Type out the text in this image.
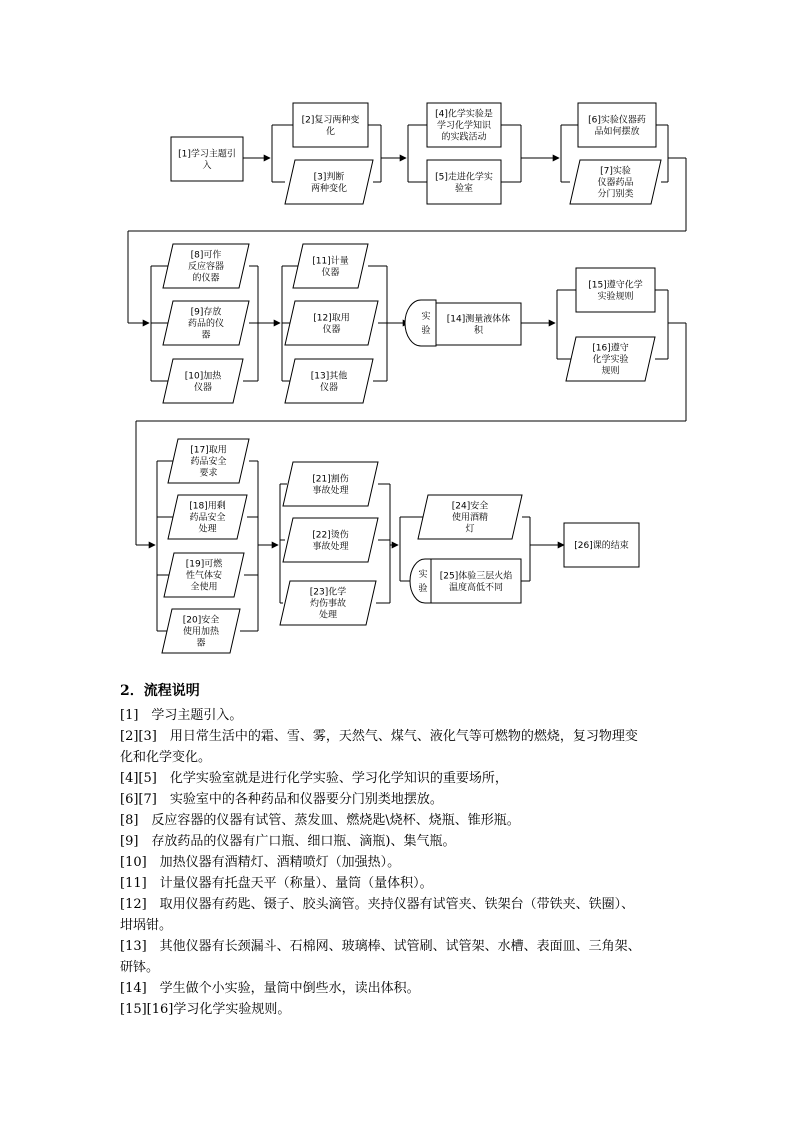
实
验
实
验
[1]学习主题引
入
[2]复习两种变
化
[3]判断
两种变化
[4]化学实验是
学习化学知识
的实践活动
[5]走进化学实
验室
[6]实验仪器药
品如何摆放
[7]实验
仪器药品
分门别类
[8]可作
反应容器
的仪器
[9]存放
药品的仪
器
[10]加热
仪器
[11]计量
仪器
[12]取用
仪器
[13]其他
仪器
[14]测量液体体
积
[15]遵守化学
实验规则
[16]遵守
化学实验
规则
[17]取用
药品安全
要求
[18]用剩
药品安全
处理
[19]可燃
性气体安
全使用
[20]安全
使用加热
器
[21]割伤
事故处理
[22]烫伤
事故处理
[23]化学
灼伤事故
处理
[24]安全
使用酒精
灯
[25]体验三层火焰
温度高低不同
[26]课的结束
2．流程说明
[1]　学习主题引入。
[2][3]　用日常生活中的霜、雪、雾，天然气、煤气、液化气等可燃物的燃烧，复习物理变
化和化学变化。
[4][5]　化学实验室就是进行化学实验、学习化学知识的重要场所，
[6][7]　实验室中的各种药品和仪器要分门别类地摆放。
[8]　反应容器的仪器有试管、蒸发皿、燃烧匙\烧杯、烧瓶、锥形瓶。
[9]　存放药品的仪器有广口瓶、细口瓶、滴瓶)、集气瓶。
[10]　加热仪器有酒精灯、酒精喷灯（加强热）。
[11]　计量仪器有托盘天平（称量）、量筒（量体积）。
[12]　取用仪器有药匙、镊子、胶头滴管。夹持仪器有试管夹、铁架台（带铁夹、铁圈）、
坩埚钳。
[13]　其他仪器有长颈漏斗、石棉网、玻璃棒、试管刷、试管架、水槽、表面皿、三角架、
研钵。
[14]　学生做个小实验，量筒中倒些水，读出体积。
[15][16]学习化学实验规则。
